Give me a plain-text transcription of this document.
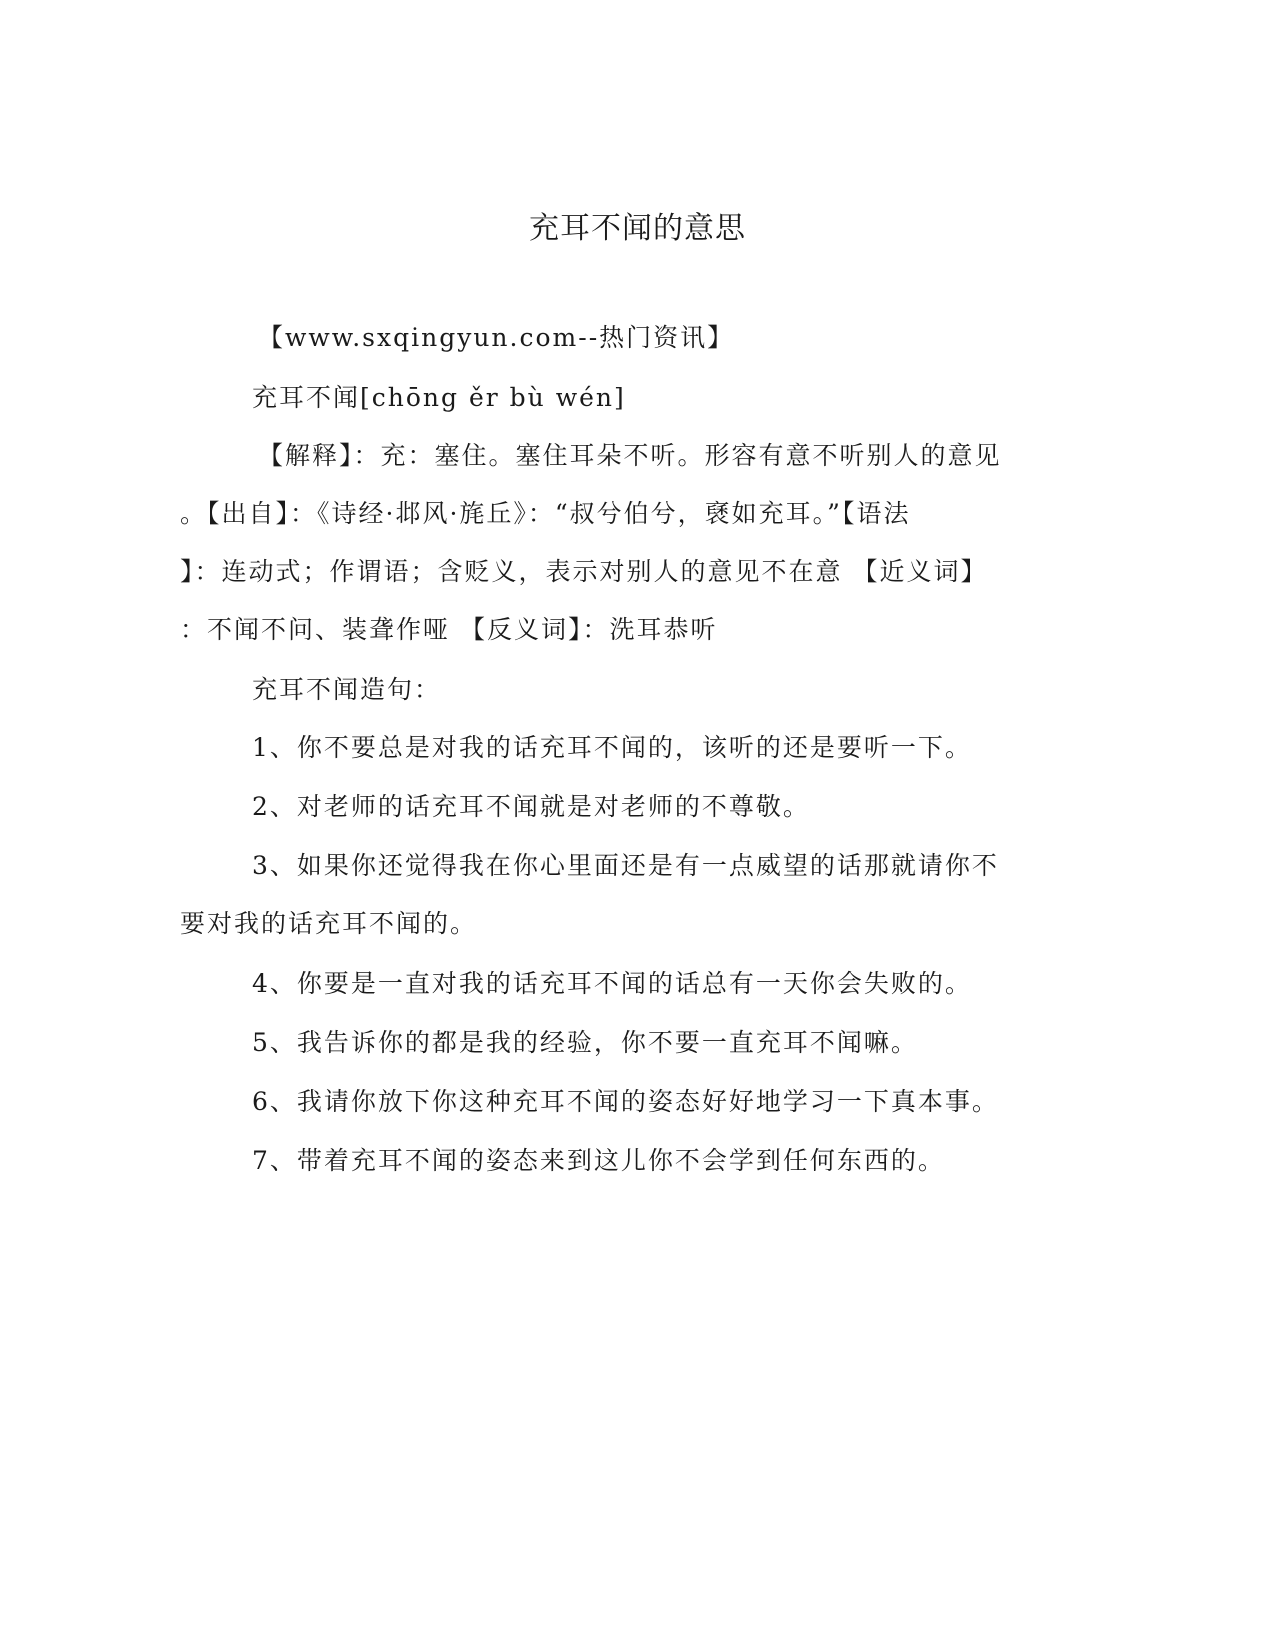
充耳不闻的意思

【www.sxqingyun.com--热门资讯】

充耳不闻[chōng ěr bù wén]

【解释】：充：塞住。塞住耳朵不听。形容有意不听别人的意见

。【出自】：《诗经·邶风·旄丘》：“叔兮伯兮，褎如充耳。”【语法

】：连动式；作谓语；含贬义，表示对别人的意见不在意 【近义词】

：不闻不问、装聋作哑 【反义词】：洗耳恭听

充耳不闻造句：

1、你不要总是对我的话充耳不闻的，该听的还是要听一下。

2、对老师的话充耳不闻就是对老师的不尊敬。

3、如果你还觉得我在你心里面还是有一点威望的话那就请你不

要对我的话充耳不闻的。

4、你要是一直对我的话充耳不闻的话总有一天你会失败的。

5、我告诉你的都是我的经验，你不要一直充耳不闻嘛。

6、我请你放下你这种充耳不闻的姿态好好地学习一下真本事。

7、带着充耳不闻的姿态来到这儿你不会学到任何东西的。
